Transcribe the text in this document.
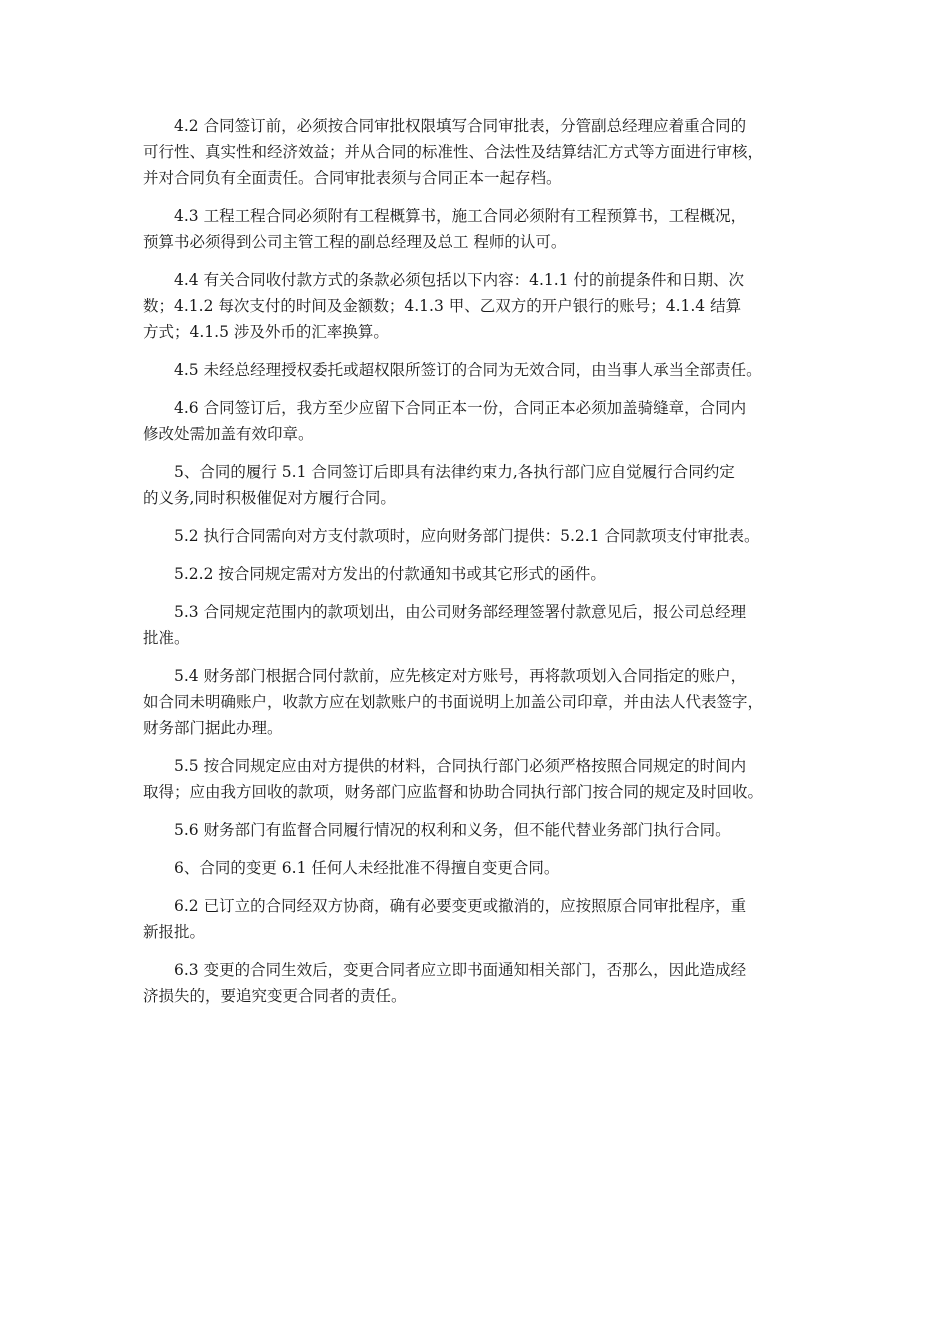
4.2 合同签订前，必须按合同审批权限填写合同审批表，分管副总经理应着重合同的
可行性、真实性和经济效益；并从合同的标准性、合法性及结算结汇方式等方面进行审核，
并对合同负有全面责任。合同审批表须与合同正本一起存档。
4.3 工程工程合同必须附有工程概算书，施工合同必须附有工程预算书，工程概况，
预算书必须得到公司主管工程的副总经理及总工 程师的认可。
4.4 有关合同收付款方式的条款必须包括以下内容：4.1.1 付的前提条件和日期、次
数；4.1.2 每次支付的时间及金额数；4.1.3 甲、乙双方的开户银行的账号；4.1.4 结算
方式；4.1.5 涉及外币的汇率换算。
4.5 未经总经理授权委托或超权限所签订的合同为无效合同，由当事人承当全部责任。
4.6 合同签订后，我方至少应留下合同正本一份，合同正本必须加盖骑缝章，合同内
修改处需加盖有效印章。
5、合同的履行 5.1 合同签订后即具有法律约束力,各执行部门应自觉履行合同约定
的义务,同时积极催促对方履行合同。
5.2 执行合同需向对方支付款项时，应向财务部门提供：5.2.1 合同款项支付审批表。
5.2.2 按合同规定需对方发出的付款通知书或其它形式的函件。
5.3 合同规定范围内的款项划出，由公司财务部经理签署付款意见后，报公司总经理
批准。
5.4 财务部门根据合同付款前，应先核定对方账号，再将款项划入合同指定的账户，
如合同未明确账户，收款方应在划款账户的书面说明上加盖公司印章，并由法人代表签字，
财务部门据此办理。
5.5 按合同规定应由对方提供的材料，合同执行部门必须严格按照合同规定的时间内
取得；应由我方回收的款项，财务部门应监督和协助合同执行部门按合同的规定及时回收。
5.6 财务部门有监督合同履行情况的权利和义务，但不能代替业务部门执行合同。
6、合同的变更 6.1 任何人未经批准不得擅自变更合同。
6.2 已订立的合同经双方协商，确有必要变更或撤消的，应按照原合同审批程序，重
新报批。
6.3 变更的合同生效后，变更合同者应立即书面通知相关部门，否那么，因此造成经
济损失的，要追究变更合同者的责任。
